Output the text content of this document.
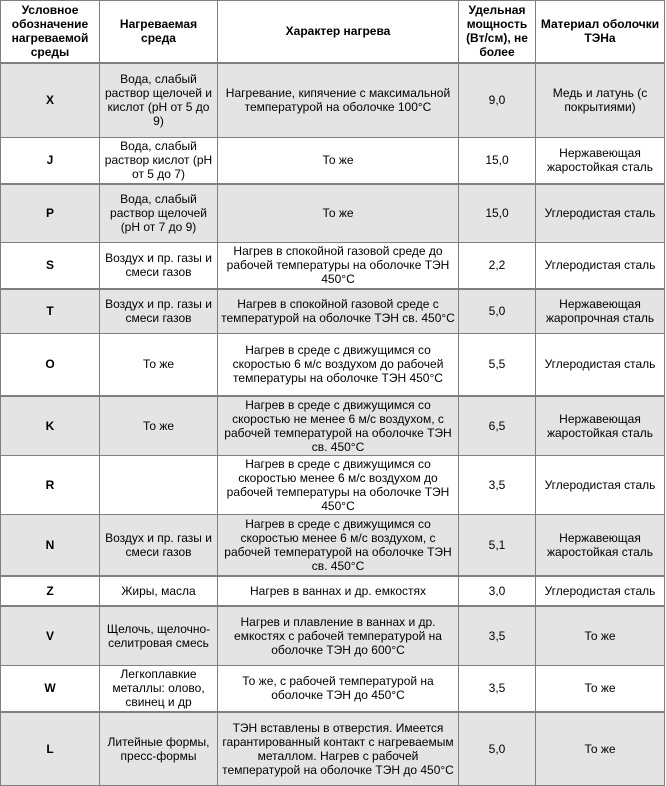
Условное обозначение нагреваемой среды	Нагреваемая среда	Характер нагрева	Удельная мощность (Вт/см), не более	Материал оболочки ТЭНа
X	Вода, слабый раствор щелочей и кислот (pH от 5 до 9)	Нагревание, кипячение с максимальной температурой на оболочке 100°С	9,0	Медь и латунь (с покрытиями)
J	Вода, слабый раствор кислот (pH от 5 до 7)	То же	15,0	Нержавеющая жаростойкая сталь
P	Вода, слабый раствор щелочей (pH от 7 до 9)	То же	15,0	Углеродистая сталь
S	Воздух и пр. газы и смеси газов	Нагрев в спокойной газовой среде до рабочей температуры на оболочке ТЭН 450°С	2,2	Углеродистая сталь
T	Воздух и пр. газы и смеси газов	Нагрев в спокойной газовой среде с температурой на оболочке ТЭН св. 450°С	5,0	Нержавеющая жаропрочная сталь
O	То же	Нагрев в среде с движущимся со скоростью 6 м/с воздухом до рабочей температуры на оболочке ТЭН 450°С	5,5	Углеродистая сталь
K	То же	Нагрев в среде с движущимся со скоростью не менее 6 м/с воздухом, с рабочей температурой на оболочке ТЭН св. 450°С	6,5	Нержавеющая жаростойкая сталь
R		Нагрев в среде с движущимся со скоростью менее 6 м/с воздухом до рабочей температуры на оболочке ТЭН 450°С	3,5	Углеродистая сталь
N	Воздух и пр. газы и смеси газов	Нагрев в среде с движущимся со скоростью менее 6 м/с воздухом, с рабочей температурой на оболочке ТЭН св. 450°С	5,1	Нержавеющая жаростойкая сталь
Z	Жиры, масла	Нагрев в ваннах и др. емкостях	3,0	Углеродистая сталь
V	Щелочь, щелочно-селитровая смесь	Нагрев и плавление в ваннах и др. емкостях с рабочей температурой на оболочке ТЭН до 600°С	3,5	То же
W	Легкоплавкие металлы: олово, свинец и др	То же, с рабочей температурой на оболочке ТЭН до 450°С	3,5	То же
L	Литейные формы, пресс-формы	ТЭН вставлены в отверстия. Имеется гарантированный контакт с нагреваемым металлом. Нагрев с рабочей температурой на оболочке ТЭН до 450°С	5,0	То же
